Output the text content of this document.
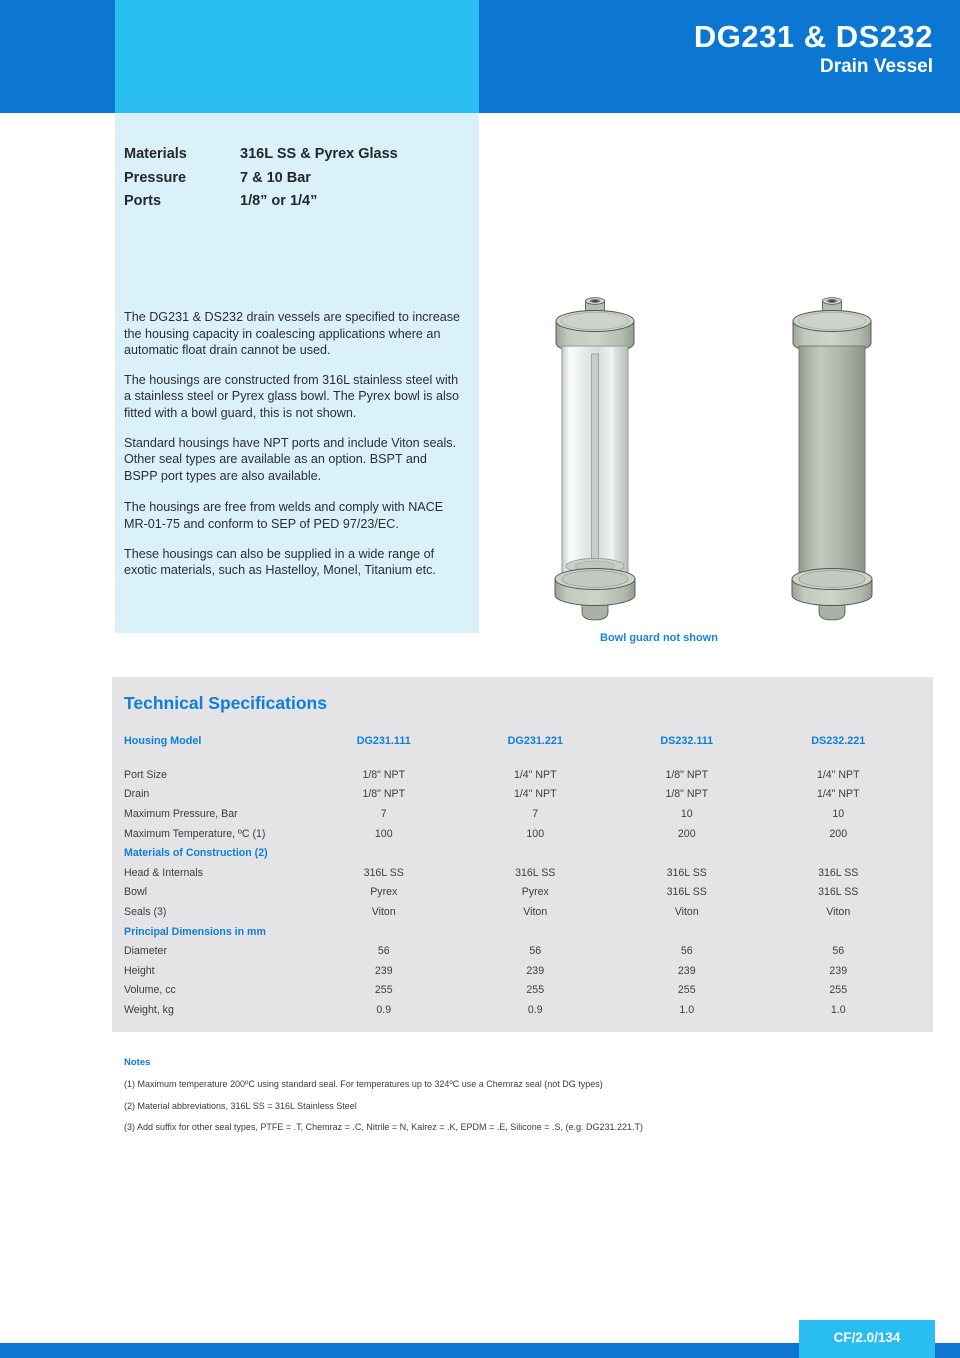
DG231 & DS232
Drain Vessel
Materials	316L SS & Pyrex Glass
Pressure	7 & 10 Bar
Ports	1/8” or 1/4”

The DG231 & DS232 drain vessels are specified to increase the housing capacity in coalescing applications where an automatic float drain cannot be used.

The housings are constructed from 316L stainless steel with a stainless steel or Pyrex glass bowl. The Pyrex bowl is also fitted with a bowl guard, this is not shown.

Standard housings have NPT ports and include Viton seals. Other seal types are available as an option. BSPT and BSPP port types are also available.

The housings are free from welds and comply with NACE MR-01-75 and conform to SEP of PED 97/23/EC.

These housings can also be supplied in a wide range of exotic materials, such as Hastelloy, Monel, Titanium etc.

Bowl guard not shown
Technical Specifications
Housing Model	DG231.111	DG231.221	DS232.111	DS232.221
Port Size	1/8" NPT	1/4" NPT	1/8" NPT	1/4" NPT
Drain	1/8" NPT	1/4" NPT	1/8" NPT	1/4" NPT
Maximum Pressure, Bar	7	7	10	10
Maximum Temperature, ºC (1)	100	100	200	200
Materials of Construction (2)
Head & Internals	316L SS	316L SS	316L SS	316L SS
Bowl	Pyrex	Pyrex	316L SS	316L SS
Seals (3)	Viton	Viton	Viton	Viton
Principal Dimensions in mm
Diameter	56	56	56	56
Height	239	239	239	239
Volume, cc	255	255	255	255
Weight, kg	0.9	0.9	1.0	1.0
Notes
(1) Maximum temperature 200ºC using standard seal. For temperatures up to 324ºC use a Chemraz seal (not DG types)
(2) Material abbreviations, 316L SS = 316L Stainless Steel
(3) Add suffix for other seal types, PTFE = .T, Chemraz = .C, Nitrile = N, Kalrez = .K, EPDM = .E, Silicone = .S, (e.g. DG231.221.T)
CF/2.0/134
